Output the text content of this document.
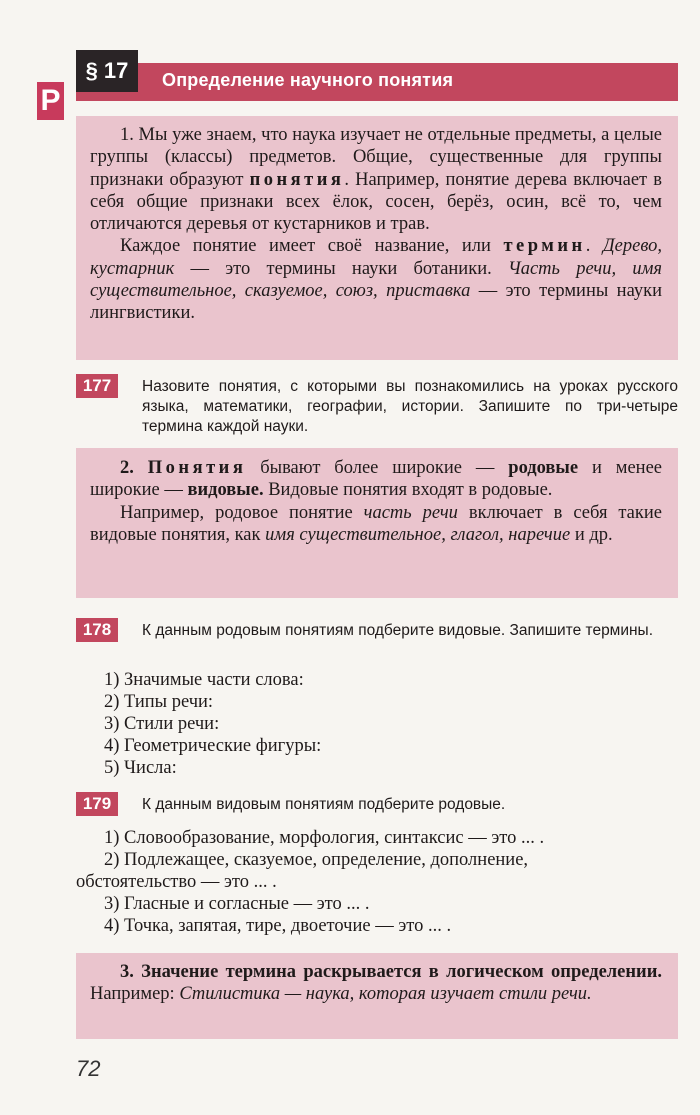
Р
§ 17	Определение научного понятия

1. Мы уже знаем, что наука изучает не отдельные предметы, а целые группы (классы) предметов. Общие, существенные для группы признаки образуют понятия. Например, понятие дерева включает в себя общие признаки всех ёлок, сосен, берёз, осин, всё то, чем отличаются деревья от кустарников и трав.

Каждое понятие имеет своё название, или термин. Дерево, кустарник — это термины науки ботаники. Часть речи, имя существительное, сказуемое, союз, приставка — это термины науки лингвистики.

177	Назовите понятия, с которыми вы познакомились на уроках русского языка, математики, географии, истории. Запишите по три-четыре термина каждой науки.

2. Понятия бывают более широкие — родовые и менее широкие — видовые. Видовые понятия входят в родовые.

Например, родовое понятие часть речи включает в себя такие видовые понятия, как имя существительное, глагол, наречие и др.

178	К данным родовым понятиям подберите видовые. Запишите термины.
1) Значимые части слова:
2) Типы речи:
3) Стили речи:
4) Геометрические фигуры:
5) Числа:
179	К данным видовым понятиям подберите родовые.
1) Словообразование, морфология, синтаксис — это ... .
2) Подлежащее, сказуемое, определение, дополнение,
обстоятельство — это ... .
3) Гласные и согласные — это ... .
4) Точка, запятая, тире, двоеточие — это ... .

3. Значение термина раскрывается в логическом определении. Например: Стилистика — наука, которая изучает стили речи.

72
